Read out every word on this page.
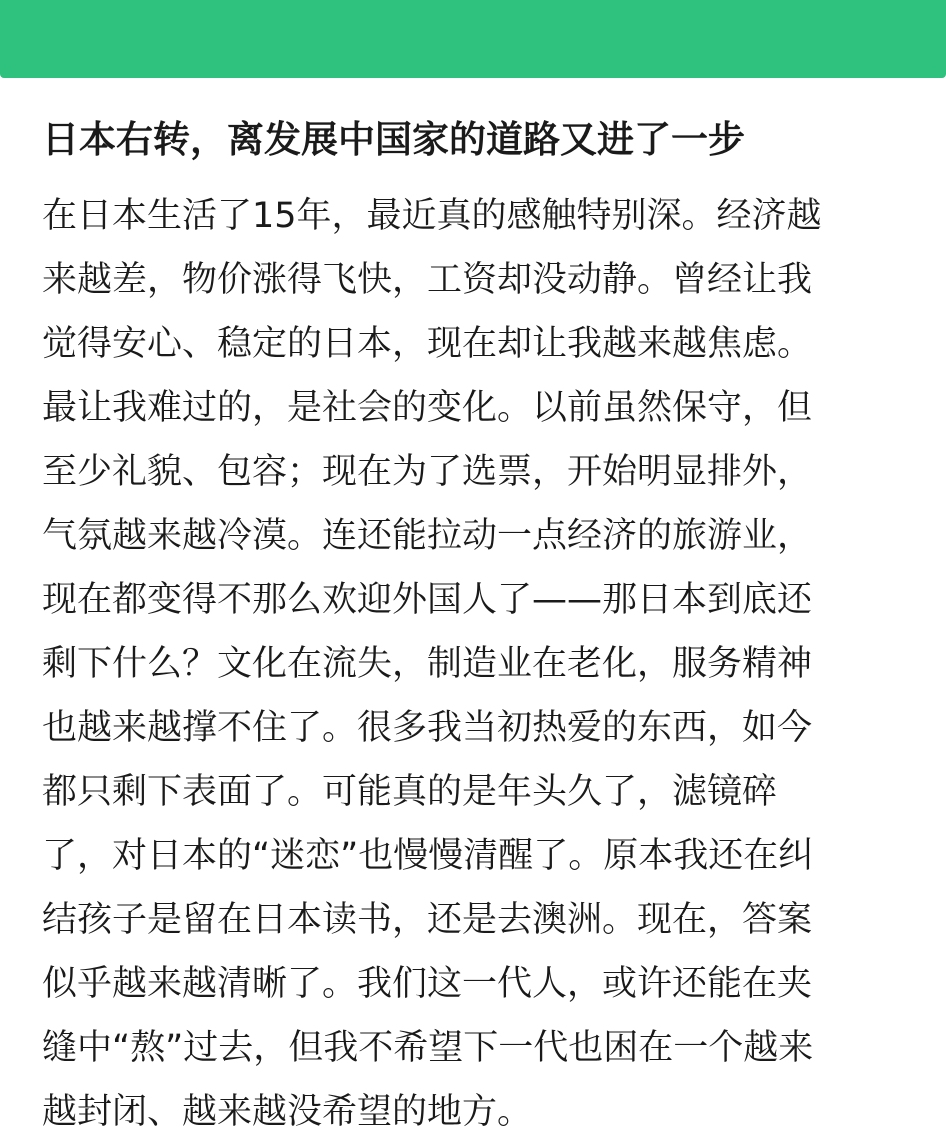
日本右转，离发展中国家的道路又进了一步
在日本生活了15年，最近真的感触特别深。经济越
来越差，物价涨得飞快，工资却没动静。曾经让我
觉得安心、稳定的日本，现在却让我越来越焦虑。
最让我难过的，是社会的变化。以前虽然保守，但
至少礼貌、包容；现在为了选票，开始明显排外，
气氛越来越冷漠。连还能拉动一点经济的旅游业，
现在都变得不那么欢迎外国人了——那日本到底还
剩下什么？文化在流失，制造业在老化，服务精神
也越来越撑不住了。很多我当初热爱的东西，如今
都只剩下表面了。可能真的是年头久了，滤镜碎
了，对日本的“迷恋”也慢慢清醒了。原本我还在纠
结孩子是留在日本读书，还是去澳洲。现在，答案
似乎越来越清晰了。我们这一代人，或许还能在夹
缝中“熬”过去，但我不希望下一代也困在一个越来
越封闭、越来越没希望的地方。
